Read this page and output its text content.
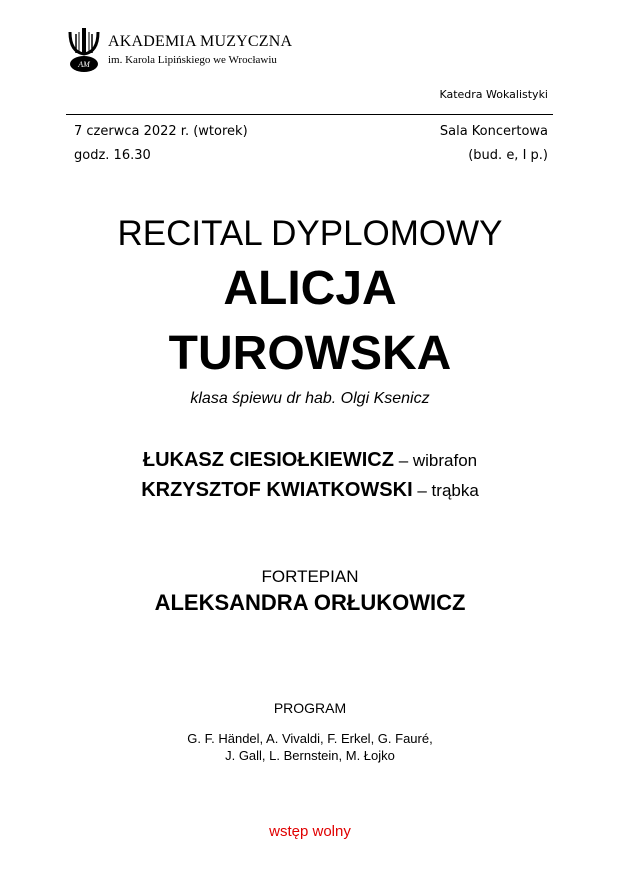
AM
AKADEMIA MUZYCZNA
im. Karola Lipińskiego we Wrocławiu
Katedra Wokalistyki
7 czerwca 2022 r. (wtorek)
godz. 16.30
Sala Koncertowa
(bud. e, I p.)
RECITAL DYPLOMOWY
ALICJA
TUROWSKA
klasa śpiewu dr hab. Olgi Ksenicz
ŁUKASZ CIESIOŁKIEWICZ – wibrafon
KRZYSZTOF KWIATKOWSKI – trąbka
FORTEPIAN
ALEKSANDRA ORŁUKOWICZ
PROGRAM
G. F. Händel, A. Vivaldi, F. Erkel, G. Fauré,
J. Gall, L. Bernstein, M. Łojko
wstęp wolny
